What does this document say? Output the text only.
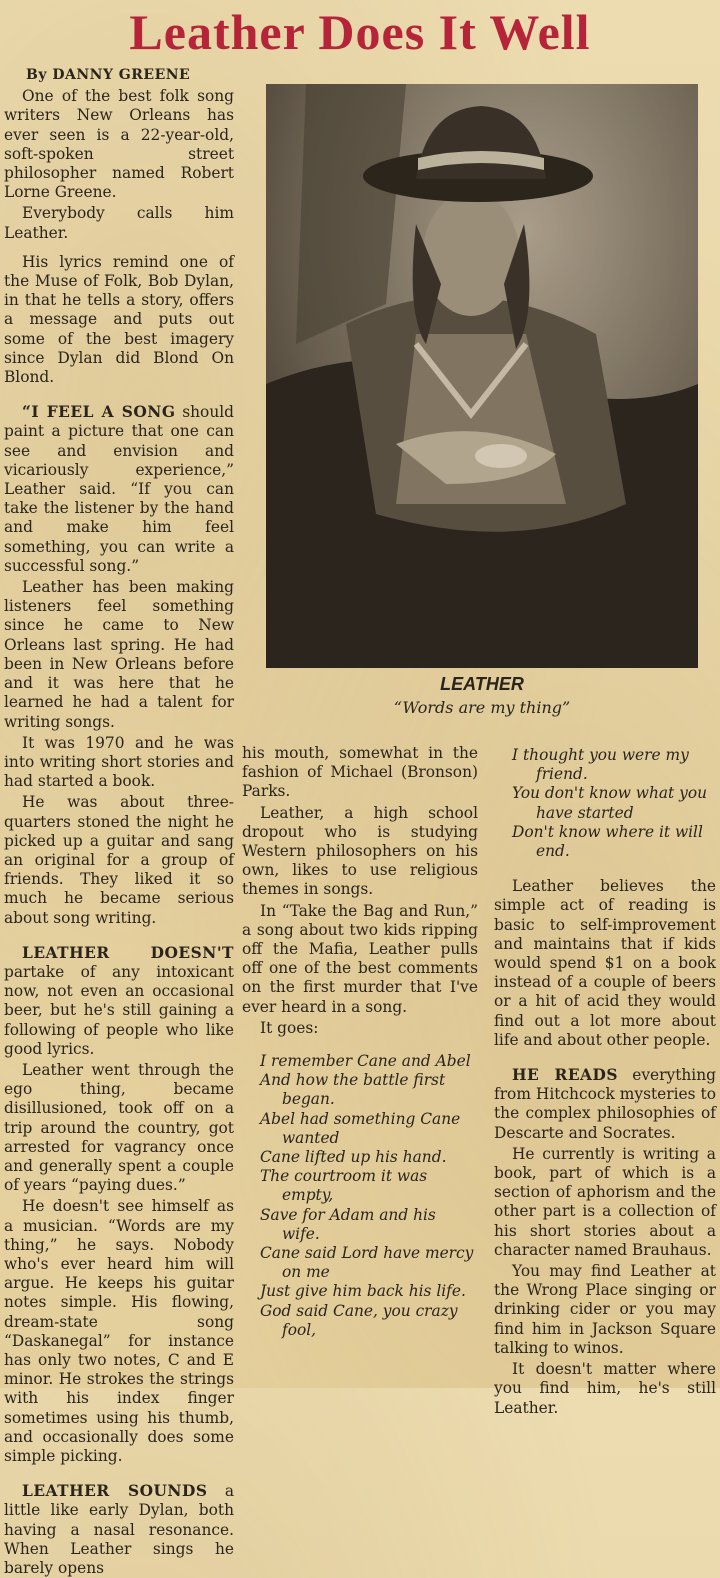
Leather Does It Well
By DANNY GREENE

One of the best folk song writers New Orleans has ever seen is a 22-year-old, soft-spoken street philosopher named Robert Lorne Greene.

Everybody calls him Leather.

His lyrics remind one of the Muse of Folk, Bob Dylan, in that he tells a story, offers a message and puts out some of the best imagery since Dylan did Blond On Blond.

“I FEEL A SONG should paint a picture that one can see and envision and vicariously experience,” Leather said. “If you can take the listener by the hand and make him feel something, you can write a successful song.”

Leather has been making listeners feel something since he came to New Orleans last spring. He had been in New Orleans before and it was here that he learned he had a talent for writing songs.

It was 1970 and he was into writing short stories and had started a book.

He was about three-quarters stoned the night he picked up a guitar and sang an original for a group of friends. They liked it so much he became serious about song writing.

LEATHER DOESN'T partake of any intoxicant now, not even an occasional beer, but he's still gaining a following of people who like good lyrics.

Leather went through the ego thing, became disillusioned, took off on a trip around the country, got arrested for vagrancy once and generally spent a couple of years “paying dues.”

He doesn't see himself as a musician. “Words are my thing,” he says. Nobody who's ever heard him will argue. He keeps his guitar notes simple. His flowing, dream-state song “Daskanegal” for instance has only two notes, C and E minor. He strokes the strings with his index finger sometimes using his thumb, and occasionally does some simple picking.

LEATHER SOUNDS a little like early Dylan, both having a nasal resonance. When Leather sings he barely opens

LEATHER
“Words are my thing”

his mouth, somewhat in the fashion of Michael (Bronson) Parks.

Leather, a high school dropout who is studying Western philosophers on his own, likes to use religious themes in songs.

In “Take the Bag and Run,” a song about two kids ripping off the Mafia, Leather pulls off one of the best comments on the first murder that I've ever heard in a song.

It goes:

I remember Cane and Abel
And how the battle first began.
Abel had something Cane wanted
Cane lifted up his hand.
The courtroom it was empty,
Save for Adam and his wife.
Cane said Lord have mercy on me
Just give him back his life.
God said Cane, you crazy fool,
I thought you were my friend.
You don't know what you have started
Don't know where it will end.

Leather believes the simple act of reading is basic to self-improvement and maintains that if kids would spend $1 on a book instead of a couple of beers or a hit of acid they would find out a lot more about life and about other people.

HE READS everything from Hitchcock mysteries to the complex philosophies of Descarte and Socrates.

He currently is writing a book, part of which is a section of aphorism and the other part is a collection of his short stories about a character named Brauhaus.

You may find Leather at the Wrong Place singing or drinking cider or you may find him in Jackson Square talking to winos.

It doesn't matter where you find him, he's still Leather.
